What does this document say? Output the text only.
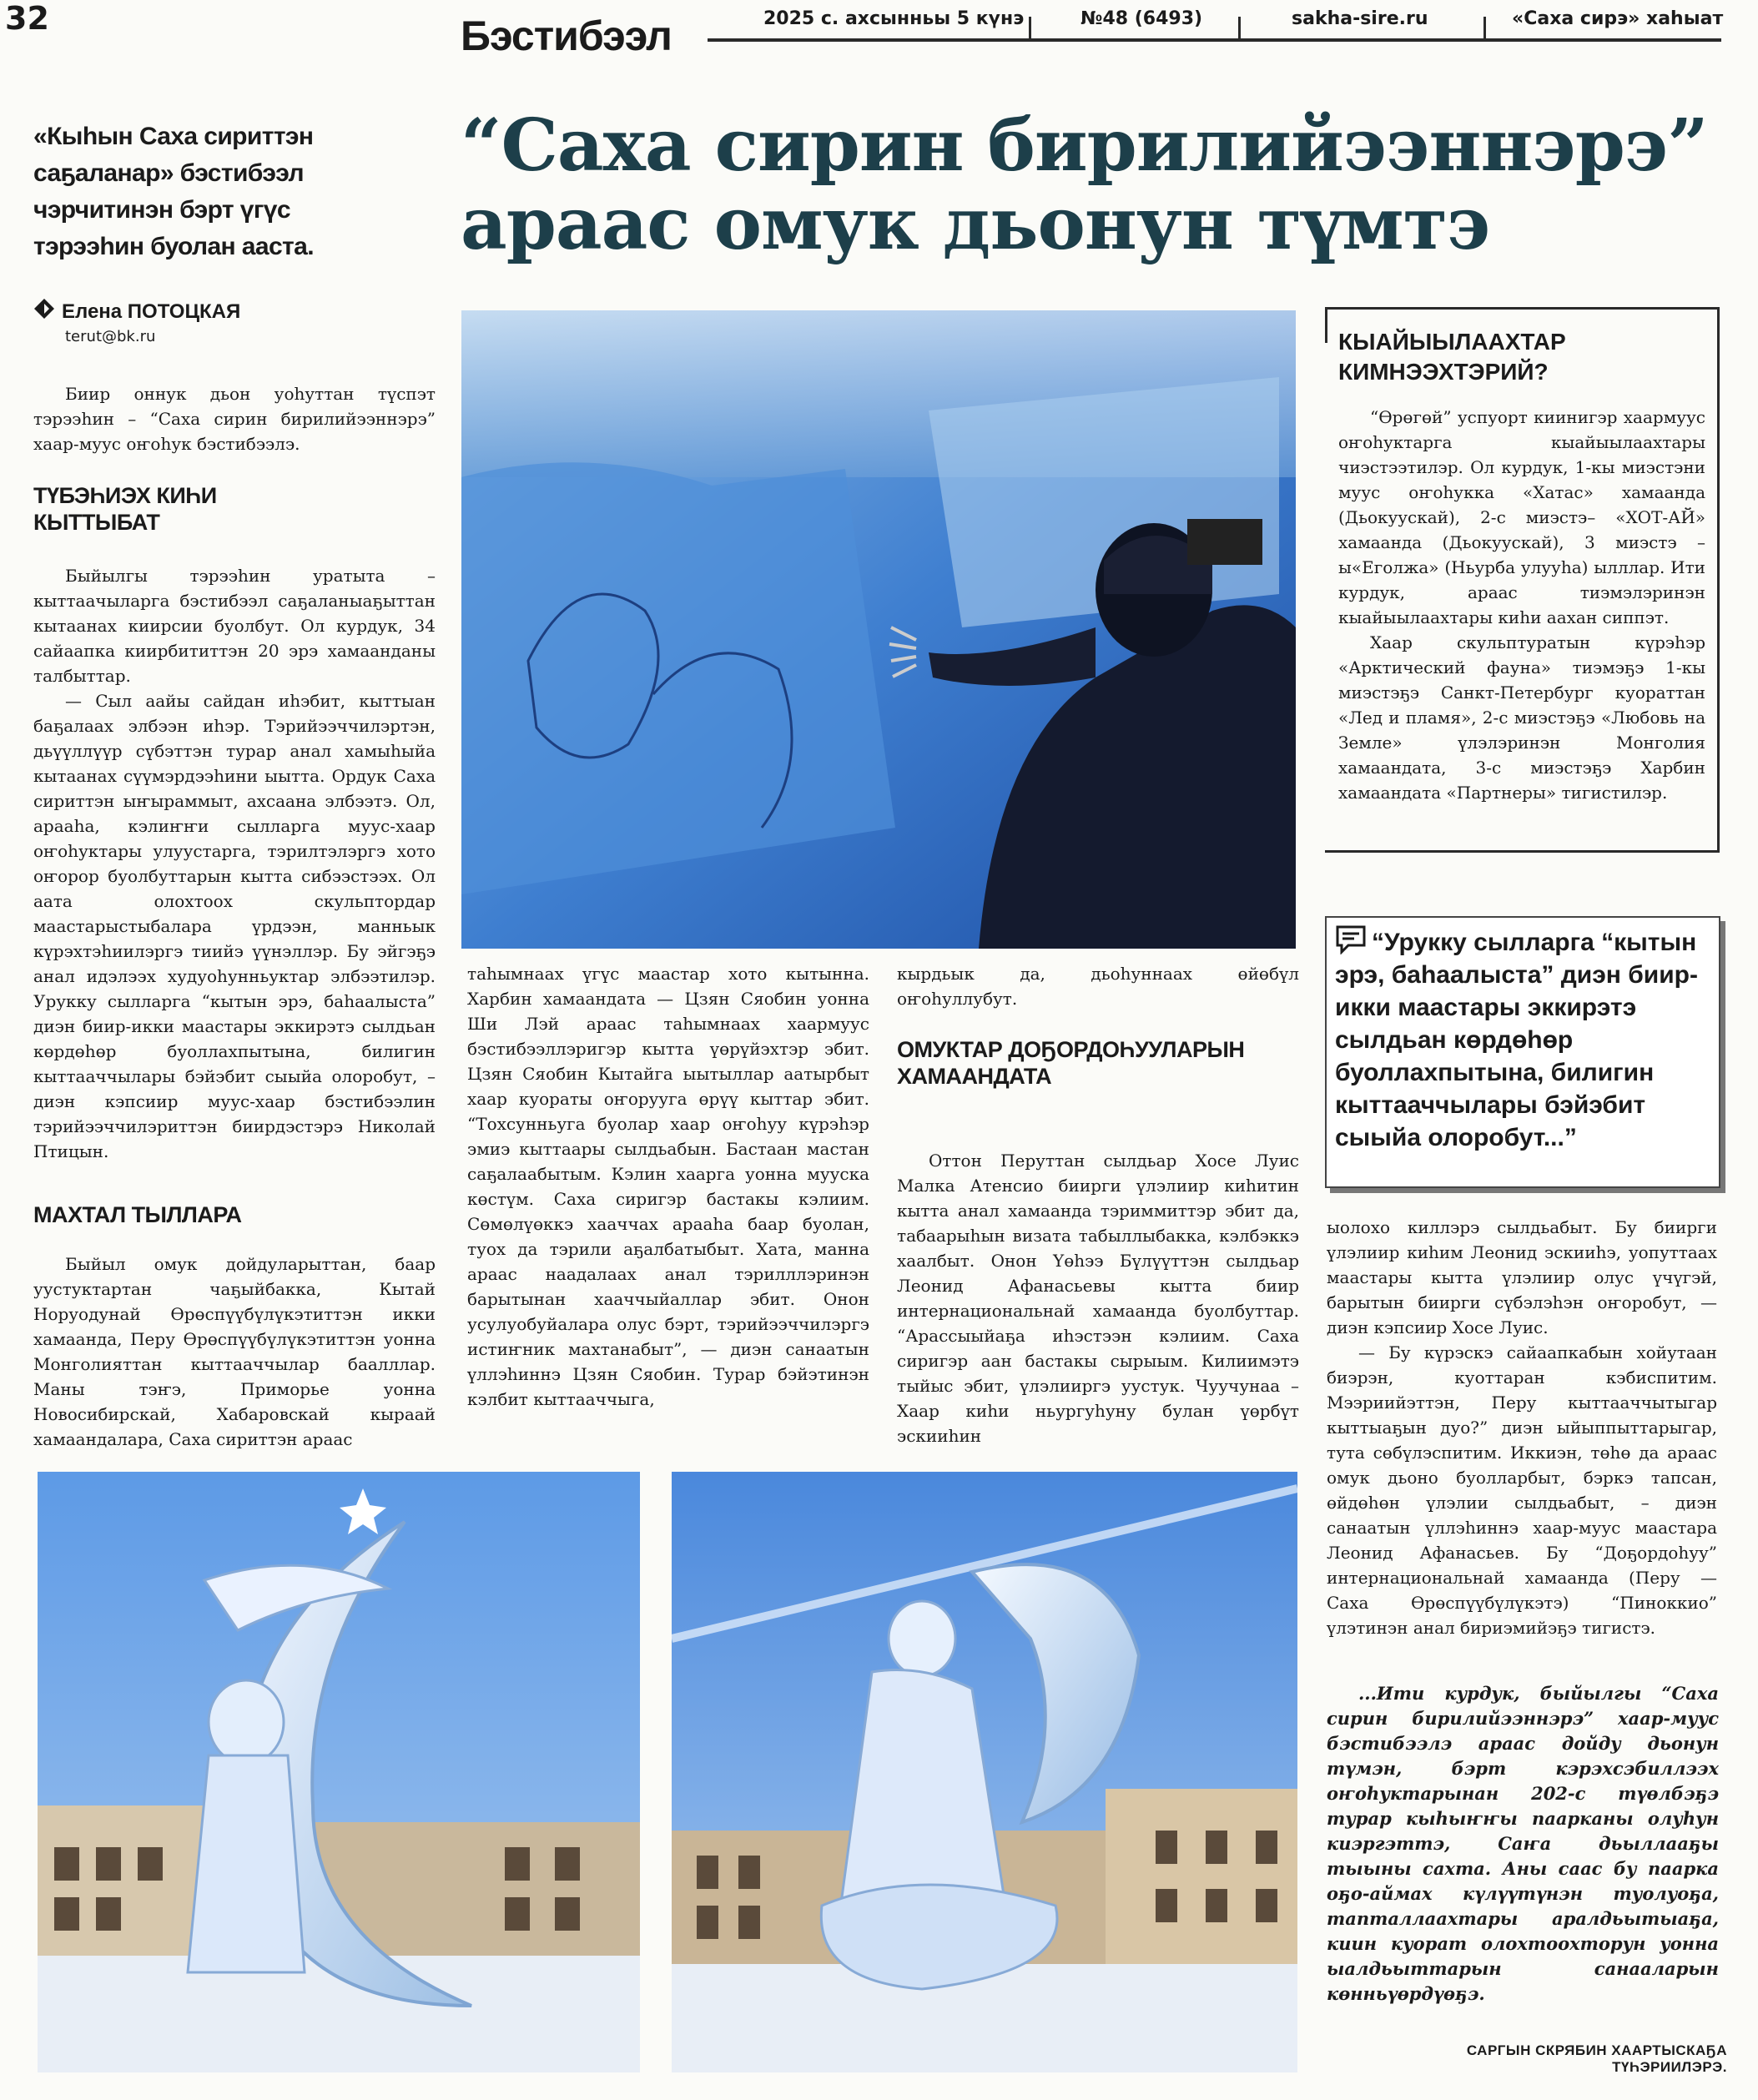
32	Бэстибээл	2025 с. ахсынньы 5 күнэ	№48 (6493)	sakha-sire.ru	«Саха сирэ» хаһыат
«Кыһын Саха сириттэн саҕаланар» бэстибээл чэрчитинэн бэрт үгүс тэрээһин буолан ааста.
“Саха сирин бирилийээннэрэ”
араас омук дьонун түмтэ
Елена ПОТОЦКАЯ
terut@bk.ru

Биир оннук дьон уоһуттан түспэт тэрээһин – “Саха сирин бирилийээннэрэ” хаар-муус оҥоһук бэстибээлэ.

ТҮБЭҺИЭХ КИҺИ КЫТТЫБАТ

Быйылгы тэрээһин уратыта – кыттаачыларга бэстибээл саҕаланыаҕыттан кытаанах киирсии буолбут. Ол курдук, 34 сайаапка киирбититтэн 20 эрэ хамаанданы талбыттар.

— Сыл аайы сайдан иһэбит, кыттыан баҕалаах элбээн иһэр. Тэрийээччилэртэн, дьүүллүүр сүбэттэн турар анал хамыһыйа кытаанах сүүмэрдээһини ыытта. Ордук Саха сириттэн ыҥыраммыт, ахсаана элбээтэ. Ол, арааһа, кэлиҥҥи сылларга муус-хаар оҥоһуктары улуустарга, тэрилтэлэргэ хото оҥорор буолбуттарын кытта сибээстээх. Ол аата олохтоох скульптордар маастарыстыбалара үрдээн, манньык күрэхтэһиилэргэ тиийэ үүнэллэр. Бу эйгэҕэ анал идэлээх худуоһунньуктар элбээтилэр. Урукку сылларга “кытын эрэ, баһаалыста” диэн биир-икки маастары эккирэтэ сылдьан көрдөһөр буоллахпытына, билигин кыттааччылары бэйэбит сыыйа олоробут, – диэн кэпсиир муус-хаар бэстибээлин тэрийээччилэриттэн биирдэстэрэ Николай Птицын.

МАХТАЛ ТЫЛЛАРА

Быйыл омук дойдуларыттан, баар уустуктартан чаҕыйбакка, Кытай Норуодунай Өрөспүүбүлүкэтиттэн икки хамаанда, Перу Өрөспүүбүлүкэтиттэн уонна Монголияттан кыттааччылар баалллар. Маны тэҥэ, Приморье уонна Новосибирскай, Хабаровскай кыраай хамаандалара, Саха сириттэн араас

таһымнаах үгүс маастар хото кытынна. Харбин хамаандата — Цзян Сяобин уонна Ши Лэй араас таһымнаах хаармуус бэстибээллэригэр кытта үөрүйэхтэр эбит. Цзян Сяобин Кытайга ыытыллар аатырбыт хаар куораты оҥорууга өрүү кыттар эбит. “Тохсунньуга буолар хаар оҥоһуу күрэһэр эмиэ кыттаары сылдьабын. Бастаан мастан саҕалаабытым. Кэлин хаарга уонна мууска көстүм. Саха сиригэр бастакы кэлиим. Сөмөлүөккэ хааччах арааһа баар буолан, туох да тэрили аҕалбатыбыт. Хата, манна араас наадалаах анал тэрилллэринэн барытынан хааччыйаллар эбит. Онон усулуобуйалара олус бэрт, тэрийээччилэргэ истиҥник махтанабыт”, — диэн санаатын үллэһиннэ Цзян Сяобин. Турар бэйэтинэн кэлбит кыттааччыга,

кырдьык да, дьоһуннаах өйөбүл оҥоһуллубут.

ОМУКТАР ДОҔОРДОҺУУЛАРЫН ХАМААНДАТА

Оттон Перуттан сылдьар Хосе Луис Малка Атенсио биирги үлэлиир киһитин кытта анал хамаанда тэриммиттэр эбит да, табаарыһын визата табыллыбакка, кэлбэккэ хаалбыт. Онон Үөһээ Бүлүүттэн сылдьар Леонид Афанасьевы кытта биир интернациональнай хамаанда буолбуттар. “Арассыыйаҕа иһэстээн кэлиим. Саха сиригэр аан бастакы сырыым. Килиимэтэ тыйыс эбит, үлэлииргэ уустук. Чуучунаа – Хаар киһи ньургуһуну булан үөрбүт эскииһин

КЫАЙЫЫЛААХТАР КИМНЭЭХТЭРИЙ?

“Өрөгөй” успуорт киинигэр хаармуус оҥоһуктарга кыайыылаахтары чиэстээтилэр. Ол курдук, 1-кы миэстэни муус оҥоһукка «Хатас» хамаанда (Дьокуускай), 2-с миэстэ– «ХОТ-АЙ» хамаанда (Дьокуускай), 3 миэстэ – ы«Еголжа» (Ньурба улууһа) ылллар. Ити курдук, араас тиэмэлэринэн кыайыылаахтары киһи аахан сиппэт.

Хаар скульптуратын күрэһэр «Арктический фауна» тиэмэҕэ 1-кы миэстэҕэ Санкт-Петербург куораттан «Лед и пламя», 2-с миэстэҕэ «Любовь на Земле» үлэлэринэн Монголия хамаандата, 3-с миэстэҕэ Харбин хамаандата «Партнеры» тигистилэр.

“Урукку сылларга “кытын эрэ, баһаалыста” диэн биир-икки маастары эккирэтэ сылдьан көрдөһөр буоллахпытына, билигин кыттааччылары бэйэбит сыыйа олоробут...”

ыолохо киллэрэ сылдьабыт. Бу биирги үлэлиир киһим Леонид эскииһэ, уопуттаах маастары кытта үлэлиир олус үчүгэй, барытын биирги сүбэлэһэн оҥоробут, — диэн кэпсиир Хосе Луис.

— Бу күрэскэ сайаапкабын хойутаан биэрэн, куоттаран кэбиспитим. Мээриийэттэн, Перу кыттааччытыгар кыттыаҕын дуо?” диэн ыйыппыттарыгар, тута сөбүлэспитим. Иккиэн, төһө да араас омук дьоно буолларбыт, бэркэ тапсан, өйдөһөн үлэлии сылдьабыт, – диэн санаатын үллэһиннэ хаар-муус маастара Леонид Афанасьев. Бу “Доҕордоһуу” интернациональнай хамаанда (Перу — Саха Өрөспүүбүлүкэтэ) “Пиноккио” үлэтинэн анал бириэмийэҕэ тигистэ.

...Ити курдук, быйылгы “Саха сирин бирилийээннэрэ” хаар-муус бэстибээлэ араас дойду дьонун түмэн, бэрт кэрэхсэбиллээх оҥоһуктарынан 202-с түөлбэҕэ турар кыһыҥҥы паарканы олуһун киэргэттэ, Саҥа дьыллааҕы тыыны сахта. Аны саас бу паарка оҕо-аймах күлүүтүнэн туолуоҕа, тапталлаахтары аралдьытыаҕа, киин куорат олохтоохторун уонна ыалдьыттарын санааларын көнньүөрдүөҕэ.

САРГЫН СКРЯБИН ХААРТЫСКАҔА ТҮҺЭРИИЛЭРЭ.
